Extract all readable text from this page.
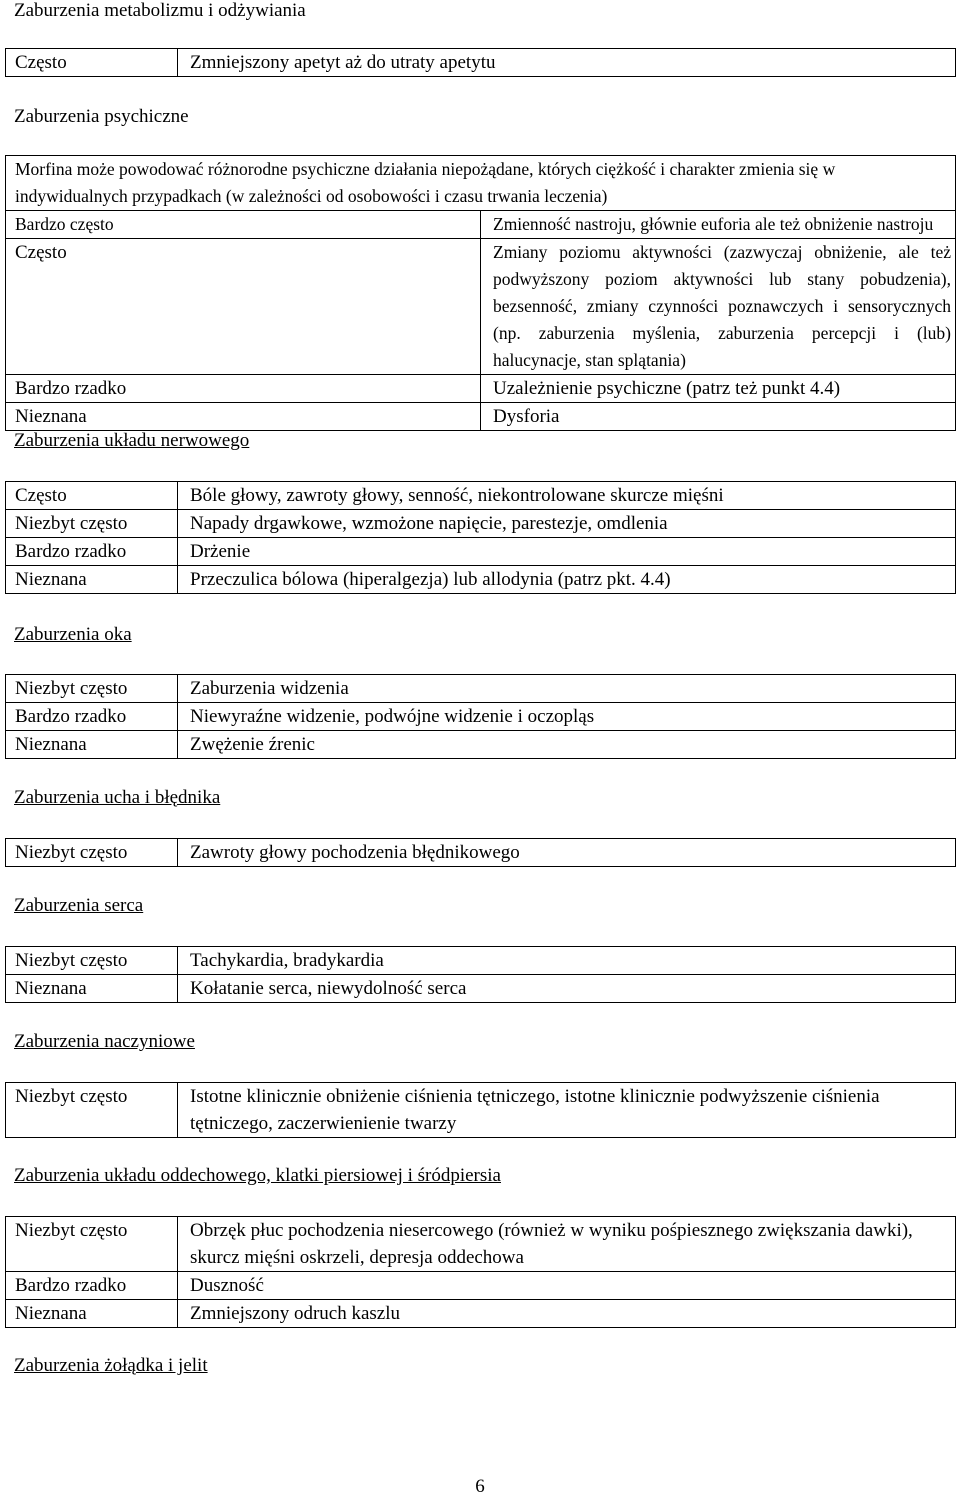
Zaburzenia metabolizmu i odżywiania
Często	Zmniejszony apetyt aż do utraty apetytu
Zaburzenia psychiczne
Morfina może powodować różnorodne psychiczne działania niepożądane, których ciężkość i charakter zmienia się w indywidualnych przypadkach (w zależności od osobowości i czasu trwania leczenia)	
Bardzo często	Zmienność nastroju, głównie euforia ale też obniżenie nastroju
Często	Zmiany poziomu aktywności (zazwyczaj obniżenie, ale też podwyższony poziom aktywności lub stany pobudzenia), bezsenność, zmiany czynności poznawczych i sensorycznych (np. zaburzenia myślenia, zaburzenia percepcji i (lub) halucynacje, stan splątania)
Bardzo rzadko	Uzależnienie psychiczne (patrz też punkt 4.4)
Nieznana	Dysforia
Zaburzenia układu nerwowego
Często	Bóle głowy, zawroty głowy, senność, niekontrolowane skurcze mięśni
Niezbyt często	Napady drgawkowe, wzmożone napięcie, parestezje, omdlenia
Bardzo rzadko	Drżenie
Nieznana	Przeczulica bólowa (hiperalgezja) lub allodynia (patrz pkt. 4.4)
Zaburzenia oka
Niezbyt często	Zaburzenia widzenia
Bardzo rzadko	Niewyraźne widzenie, podwójne widzenie i oczopląs
Nieznana	Zwężenie źrenic
Zaburzenia ucha i błędnika
Niezbyt często	Zawroty głowy pochodzenia błędnikowego
Zaburzenia serca
Niezbyt często	Tachykardia, bradykardia
Nieznana	Kołatanie serca, niewydolność serca
Zaburzenia naczyniowe
Niezbyt często	Istotne klinicznie obniżenie ciśnienia tętniczego, istotne klinicznie podwyższenie ciśnienia tętniczego, zaczerwienienie twarzy
Zaburzenia układu oddechowego, klatki piersiowej i śródpiersia
Niezbyt często	Obrzęk płuc pochodzenia niesercowego (również w wyniku pośpiesznego zwiększania dawki), skurcz mięśni oskrzeli, depresja oddechowa
Bardzo rzadko	Duszność
Nieznana	Zmniejszony odruch kaszlu
Zaburzenia żołądka i jelit
6
